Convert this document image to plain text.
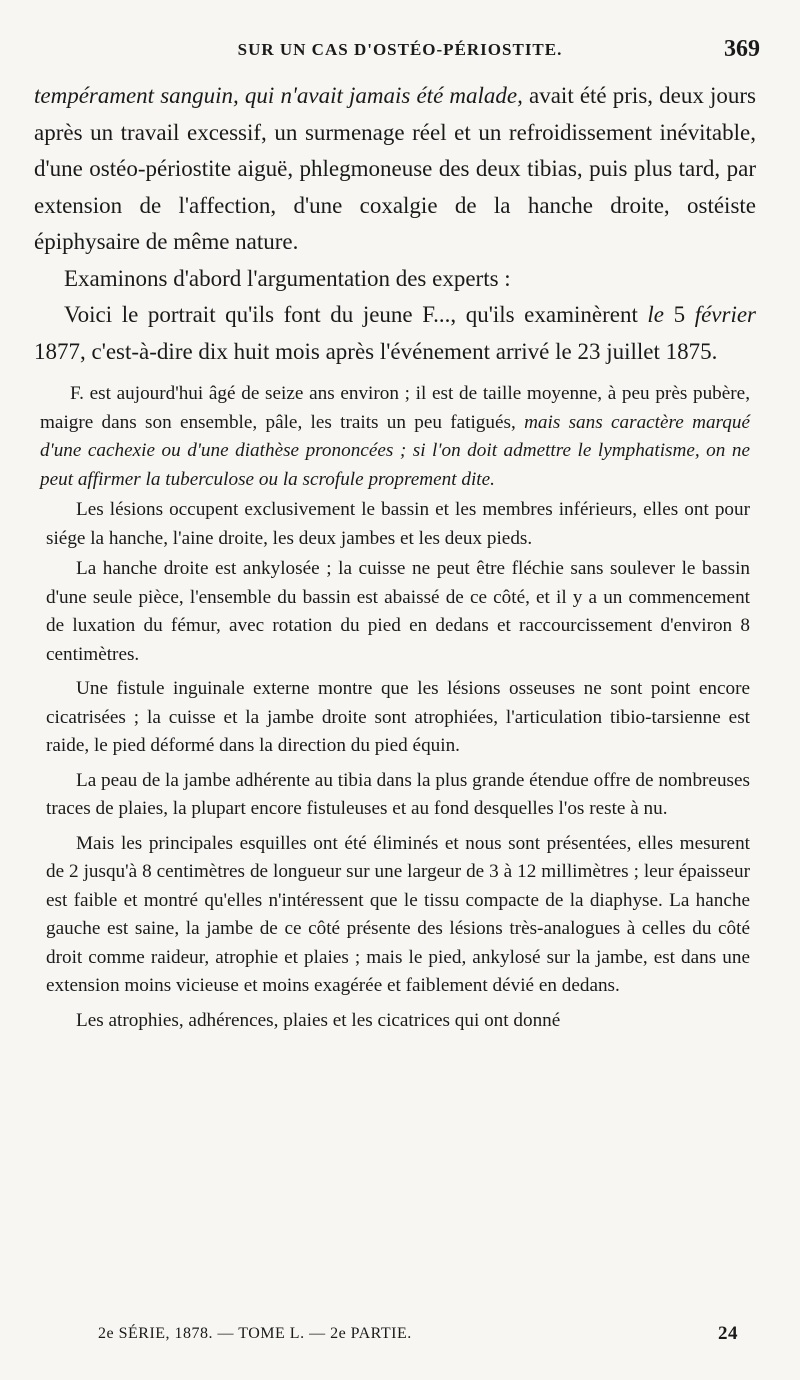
SUR UN CAS D'OSTÉO-PÉRIOSTITE.	369

tempérament sanguin, qui n'avait jamais été malade, avait été pris, deux jours après un travail excessif, un surmenage réel et un refroidissement inévitable, d'une ostéo-périostite aiguë, phlegmoneuse des deux tibias, puis plus tard, par extension de l'affection, d'une coxalgie de la hanche droite, ostéiste épiphysaire de même nature.

Examinons d'abord l'argumentation des experts :

Voici le portrait qu'ils font du jeune F..., qu'ils examinèrent le 5 février 1877, c'est-à-dire dix huit mois après l'événement arrivé le 23 juillet 1875.

F. est aujourd'hui âgé de seize ans environ ; il est de taille moyenne, à peu près pubère, maigre dans son ensemble, pâle, les traits un peu fatigués, mais sans caractère marqué d'une cachexie ou d'une diathèse prononcées ; si l'on doit admettre le lymphatisme, on ne peut affirmer la tuberculose ou la scrofule proprement dite.

Les lésions occupent exclusivement le bassin et les membres inférieurs, elles ont pour siége la hanche, l'aine droite, les deux jambes et les deux pieds.

La hanche droite est ankylosée ; la cuisse ne peut être fléchie sans soulever le bassin d'une seule pièce, l'ensemble du bassin est abaissé de ce côté, et il y a un commencement de luxation du fémur, avec rotation du pied en dedans et raccourcissement d'environ 8 centimètres.

Une fistule inguinale externe montre que les lésions osseuses ne sont point encore cicatrisées ; la cuisse et la jambe droite sont atrophiées, l'articulation tibio-tarsienne est raide, le pied déformé dans la direction du pied équin.

La peau de la jambe adhérente au tibia dans la plus grande étendue offre de nombreuses traces de plaies, la plupart encore fistuleuses et au fond desquelles l'os reste à nu.

Mais les principales esquilles ont été éliminés et nous sont présentées, elles mesurent de 2 jusqu'à 8 centimètres de longueur sur une largeur de 3 à 12 millimètres ; leur épaisseur est faible et montré qu'elles n'intéressent que le tissu compacte de la diaphyse. La hanche gauche est saine, la jambe de ce côté présente des lésions très-analogues à celles du côté droit comme raideur, atrophie et plaies ; mais le pied, ankylosé sur la jambe, est dans une extension moins vicieuse et moins exagérée et faiblement dévié en dedans.

Les atrophies, adhérences, plaies et les cicatrices qui ont donné

2e SÉRIE, 1878. — TOME L. — 2e PARTIE.	24
